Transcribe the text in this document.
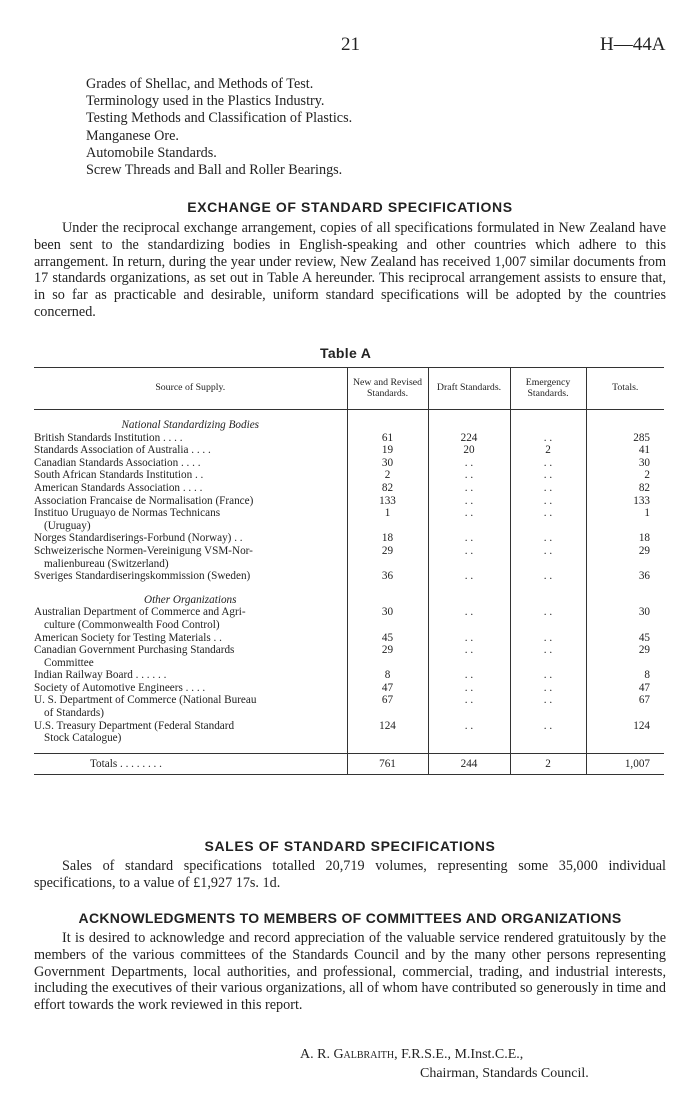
21	H—44A
Grades of Shellac, and Methods of Test.
Terminology used in the Plastics Industry.
Testing Methods and Classification of Plastics.
Manganese Ore.
Automobile Standards.
Screw Threads and Ball and Roller Bearings.
EXCHANGE OF STANDARD SPECIFICATIONS

Under the reciprocal exchange arrangement, copies of all specifications formulated in New Zealand have been sent to the standardizing bodies in English-speaking and other countries which adhere to this arrangement. In return, during the year under review, New Zealand has received 1,007 similar documents from 17 standards organizations, as set out in Table A hereunder. This reciprocal arrangement assists to ensure that, in so far as practicable and desirable, uniform standard specifications will be adopted by the countries concerned.

Table A
Source of Supply.	New and Revised Standards.	Draft Standards.	Emergency Standards.	Totals.

National Standardizing Bodies				
British Standards Institution . . . .	61	224	. .	285
Standards Association of Australia . . . .	19	20	2	41
Canadian Standards Association . . . .	30	. .	. .	30
South African Standards Institution . .	2	. .	. .	2
American Standards Association . . . .	82	. .	. .	82
Association Francaise de Normalisation (France)	133	. .	. .	133
Instituo Uruguayo de Normas Technicans
(Uruguay)	1	. .	. .	1
Norges Standardiserings-Forbund (Norway) . .	18	. .	. .	18
Schweizerische Normen-Vereinigung VSM-Nor-
malienbureau (Switzerland)	29	. .	. .	29
Sveriges Standardiseringskommission (Sweden)	36	. .	. .	36

Other Organizations				
Australian Department of Commerce and Agri-
culture (Commonwealth Food Control)	30	. .	. .	30
American Society for Testing Materials . .	45	. .	. .	45
Canadian Government Purchasing Standards
Committee	29	. .	. .	29
Indian Railway Board . . . . . .	8	. .	. .	8
Society of Automotive Engineers . . . .	47	. .	. .	47
U. S. Department of Commerce (National Bureau
of Standards)	67	. .	. .	67
U.S. Treasury Department (Federal Standard
Stock Catalogue)	124	. .	. .	124

Totals . . . . . . . .	761	244	2	1,007
SALES OF STANDARD SPECIFICATIONS

Sales of standard specifications totalled 20,719 volumes, representing some 35,000 individual specifications, to a value of £1,927 17s. 1d.

ACKNOWLEDGMENTS TO MEMBERS OF COMMITTEES AND ORGANIZATIONS

It is desired to acknowledge and record appreciation of the valuable service rendered gratuitously by the members of the various committees of the Standards Council and by the many other persons representing Government Departments, local authorities, and professional, commercial, trading, and industrial interests, including the executives of their various organizations, all of whom have contributed so generously in time and effort towards the work reviewed in this report.

A. R. Galbraith, F.R.S.E., M.Inst.C.E.,
Chairman, Standards Council.
